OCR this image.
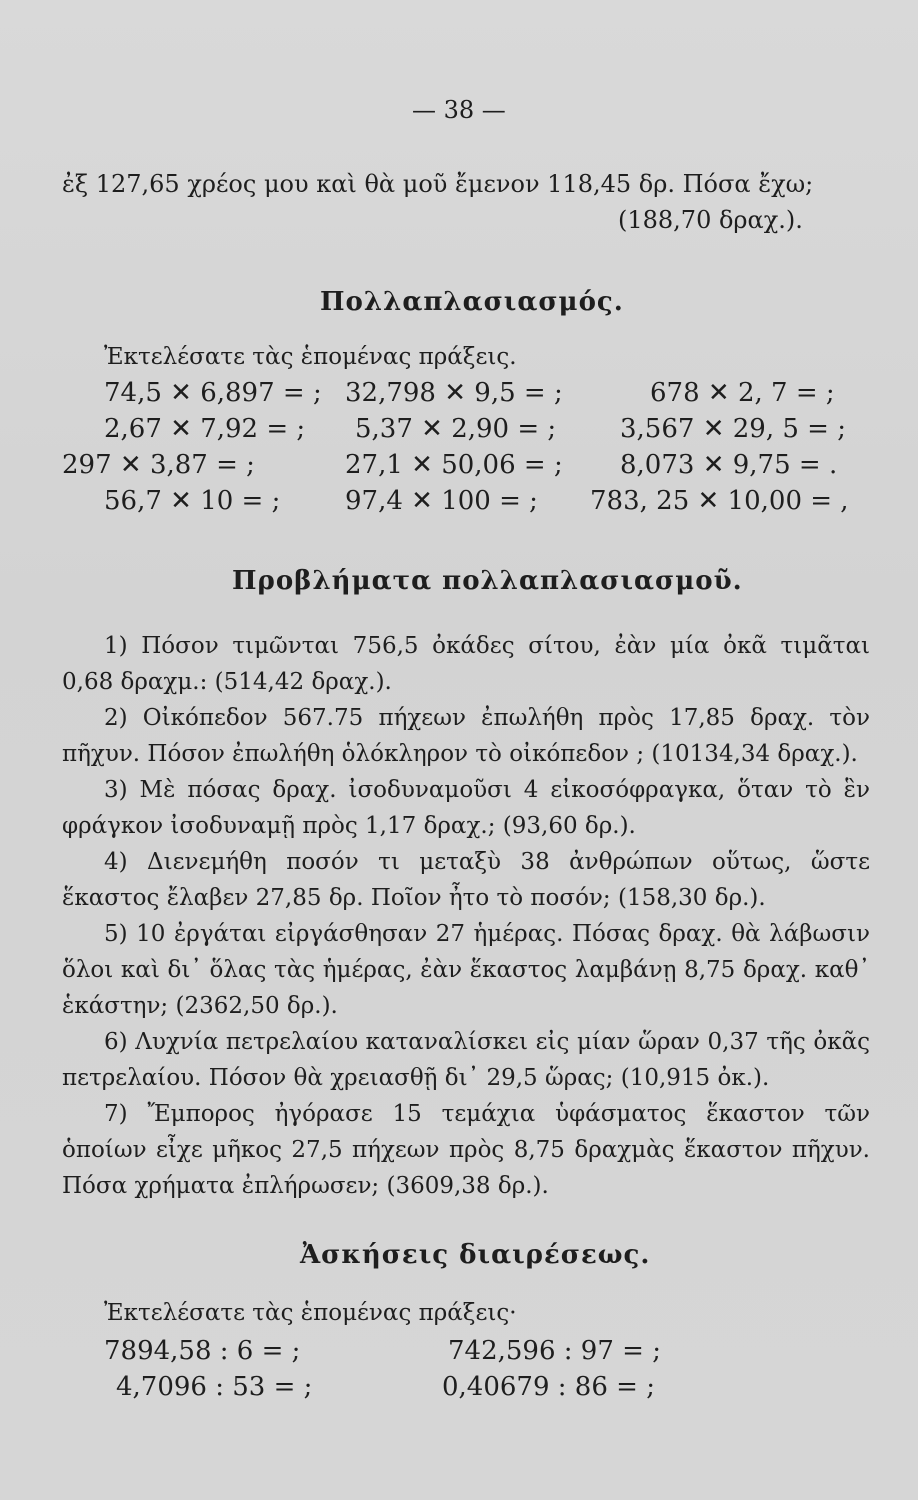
— 38 —
ἐξ 127,65 χρέος μου καὶ θὰ μοῦ ἔμενον 118,45 δρ. Πόσα ἔχω;
(188,70 δραχ.).
Πολλαπλασιασμός.
Ἐκτελέσατε τὰς ἑπομένας πράξεις.
74,5 ✕ 6,897 = ; 32,798 ✕ 9,5 = ;	678 ✕ 2, 7 = ;
2,67 ✕ 7,92 = ; 5,37 ✕ 2,90 = ; 3,567 ✕ 29, 5 = ;
297 ✕ 3,87 = ;	27,1 ✕ 50,06 = ; 8,073 ✕ 9,75 = .
56,7 ✕ 10 = ; 97,4 ✕ 100 = ; 783, 25 ✕ 10,00 = ,
Προβλήματα πολλαπλασιασμοῦ.
1) Πόσον τιμῶνται 756,5 ὀκάδες σίτου, ἐὰν μία ὀκᾶ τιμᾶται 0,68 δραχμ.: (514,42 δραχ.).
2) Οἰκόπεδον 567.75 πήχεων ἐπωλήθη πρὸς 17,85 δραχ. τὸν πῆχυν. Πόσον ἐπωλήθη ὁλόκληρον τὸ οἰκόπεδον ; (10134,34 δραχ.).
3) Μὲ πόσας δραχ. ἰσοδυναμοῦσι 4 εἰκοσόφραγκα, ὅταν τὸ ἓν φράγκον ἰσοδυναμῇ πρὸς 1,17 δραχ.; (93,60 δρ.).
4) Διενεμήθη ποσόν τι μεταξὺ 38 ἀνθρώπων οὕτως, ὥστε ἕκαστος ἔλαβεν 27,85 δρ. Ποῖον ἦτο τὸ ποσόν; (158,30 δρ.).
5) 10 ἐργάται εἰργάσθησαν 27 ἡμέρας. Πόσας δραχ. θὰ λάβωσιν ὅλοι καὶ δι᾽ ὅλας τὰς ἡμέρας, ἐὰν ἕκαστος λαμβάνῃ 8,75 δραχ. καθ᾽ ἑκάστην; (2362,50 δρ.).
6) Λυχνία πετρελαίου καταναλίσκει εἰς μίαν ὥραν 0,37 τῆς ὀκᾶς πετρελαίου. Πόσον θὰ χρειασθῇ δι᾽ 29,5 ὥρας; (10,915 ὀκ.).
7) Ἔμπορος ἠγόρασε 15 τεμάχια ὑφάσματος ἕκαστον τῶν ὁποίων εἶχε μῆκος 27,5 πήχεων πρὸς 8,75 δραχμὰς ἕκαστον πῆχυν. Πόσα χρήματα ἐπλήρωσεν; (3609,38 δρ.).
Ἀσκήσεις διαιρέσεως.
Ἐκτελέσατε τὰς ἑπομένας πράξεις·
7894,58 : 6 = ;	742,596 : 97 = ;
4,7096 : 53 = ;	0,40679 : 86 = ;
